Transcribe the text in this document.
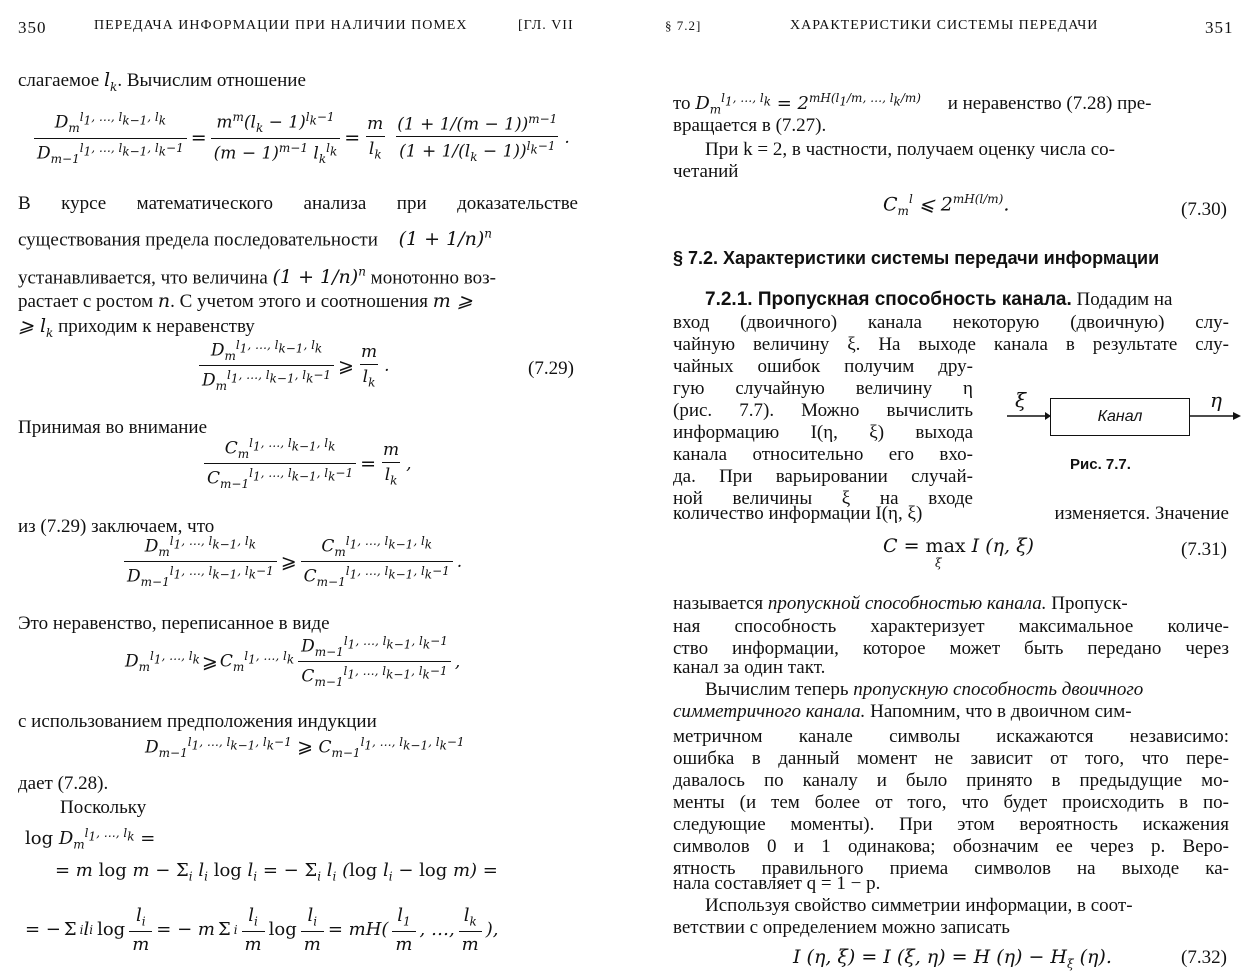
350	ПЕРЕДАЧА ИНФОРМАЦИИ ПРИ НАЛИЧИИ ПОМЕХ	[ГЛ. VII
слагаемое $l_k$. Вычислим отношение
$\frac{D_m^{l_1, \dots, l_{k-1}, l_k}}{D_{m-1}^{l_1, \dots, l_{k-1}, l_k-1}} = \frac{m^m(l_k - 1)^{l_k-1}}{(m - 1)^{m-1} l_k^{l_k}} = \frac{m}{l_k} \frac{(1 + 1/(m - 1))^{m-1}}{(1 + 1/(l_k - 1))^{l_k-1}}$ .
В курсе математического анализа при доказательстве
существования предела последовательности $(1 + 1/n)^n$
устанавливается, что величина $(1 + 1/n)^n$ монотонно воз-
растает с ростом n. С учетом этого и соотношения m ⩾
⩾ $l_k$ приходим к неравенству
$\frac{D_m^{l_1, \dots, l_{k-1}, l_k}}{D_m^{l_1, \dots, l_{k-1}, l_k-1}}$ ⩾ $\frac{m}{l_k}$ .	(7.29)
Принимая во внимание
$\frac{C_m^{l_1, \dots, l_{k-1}, l_k}}{C_{m-1}^{l_1, \dots, l_{k-1}, l_k-1}} = \frac{m}{l_k}$ ,
из (7.29) заключаем, что
$\frac{D_m^{l_1, \dots, l_{k-1}, l_k}}{D_{m-1}^{l_1, \dots, l_{k-1}, l_k-1}}$ ⩾ $\frac{C_m^{l_1, \dots, l_{k-1}, l_k}}{C_{m-1}^{l_1, \dots, l_{k-1}, l_k-1}}$ .
Это неравенство, переписанное в виде
$D_m^{l_1, \dots, l_k}$ ⩾ $C_m^{l_1, \dots, l_k} \frac{D_{m-1}^{l_1, \dots, l_{k-1}, l_k-1}}{C_{m-1}^{l_1, \dots, l_{k-1}, l_k-1}}$ ,
с использованием предположения индукции
$D_{m-1}^{l_1, \dots, l_{k-1}, l_k-1}$ ⩾ $C_{m-1}^{l_1, \dots, l_{k-1}, l_k-1}$
дает (7.28).
Поскольку
$\log D_m^{l_1, \dots, l_k}$ =
= m $\log m - \Sigma_i$ $l_i$ $\log l_i$ = − $\Sigma_i$ $l_i$ (log $l_i - \log m$) =
= − Σ i l i $\log \frac{l_i}{m}$ = − m Σ i $\frac{l_i}{m}$ $\log \frac{l_i}{m} = mH( \frac{l_1}{m}$ , …, $\frac{l_k}{m}$ ),
§ 7.2]	ХАРАКТЕРИСТИКИ СИСТЕМЫ ПЕРЕДАЧИ	351
то $D_m^{l_1, \dots, l_k} = 2^{mH(l_1/m, \dots, l_k/m)}$ и неравенство (7.28) пре-
вращается в (7.27).
При k = 2, в частности, получаем оценку числа со-
четаний
$C_m^l$ ⩽ $2^{mH(l/m)}$.	(7.30)
§ 7.2. Характеристики системы передачи информации
7.2.1. Пропускная способность канала. Подадим на
вход (двоичного) канала некоторую (двоичную) слу-
чайную величину ξ. На выходе канала в результате слу-
чайных ошибок получим дру-
гую случайную величину η
(рис. 7.7). Можно вычислить
информацию I(η, ξ) выхода
канала относительно его вхо-
да. При варьировании случай-
ной величины ξ на входе
количество информации I(η, ξ)	изменяется. Значение
ξ
Канал
η
Рис. 7.7.
C = max I (η, ξ)
ξ
(7.31)
называется пропускной способностью канала. Пропуск-
ная способность характеризует максимальное количе-
ство информации, которое может быть передано через
канал за один такт.
Вычислим теперь пропускную способность двоичного
симметричного канала. Напомним, что в двоичном сим-
метричном канале символы искажаются независимо:
ошибка в данный момент не зависит от того, что пере-
давалось по каналу и было принято в предыдущие мо-
менты (и тем более от того, что будет происходить в по-
следующие моменты). При этом вероятность искажения
символов 0 и 1 одинакова; обозначим ее через p. Веро-
ятность правильного приема символов на выходе ка-
нала составляет q = 1 − p.
Используя свойство симметрии информации, в соот-
ветствии с определением можно записать
I (η, ξ) = I (ξ, η) = H $(\eta) - H_\xi$ (η).	(7.32)
